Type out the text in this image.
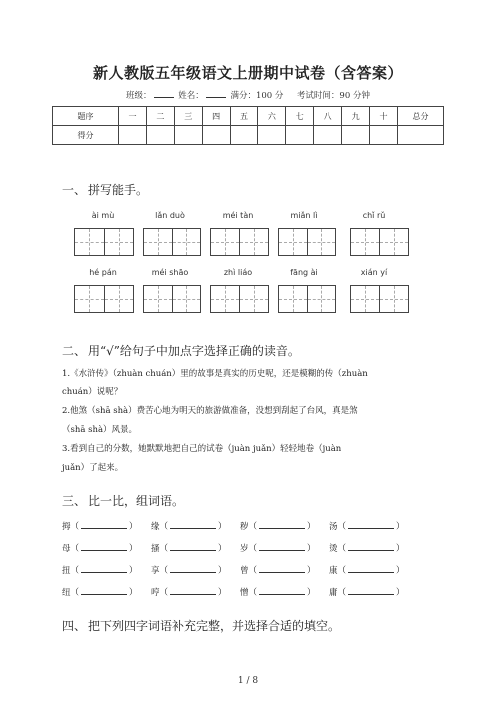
新人教版五年级语文上册期中试卷（含答案）
班级：	姓名：	满分：100 分 考试时间：90 分钟
题序	一	二	三	四	五	六	七	八	九	十	总分
得分											
一、 拼写能手。
ài mù	lǎn duò	méi tàn	miǎn lì	chǐ rǔ
hé pán	méi shāo	zhì liáo	fāng ài	xián yí
二、 用“√”给句子中加点字选择正确的读音。
1.《水浒传》（zhuàn chuán）里的故事是真实的历史呢，还是模糊的传（zhuàn
chuán）说呢？
2.他煞（shā shà）费苦心地为明天的旅游做准备，没想到刮起了台风，真是煞
（shā shà）风景。
3.看到自己的分数，她默默地把自己的试卷（juàn juǎn）轻轻地卷（juàn
juǎn）了起来。
三、 比一比，组词语。
拇 （	）	缘 （	）	秽 （	）	汤 （	）
母 （	）	搔 （	）	岁 （	）	烫 （	）
扭 （	）	享 （	）	曾 （	）	康 （	）
纽 （	）	哼 （	）	憎 （	）	庸 （	）
四、 把下列四字词语补充完整，并选择合适的填空。
1 / 8
